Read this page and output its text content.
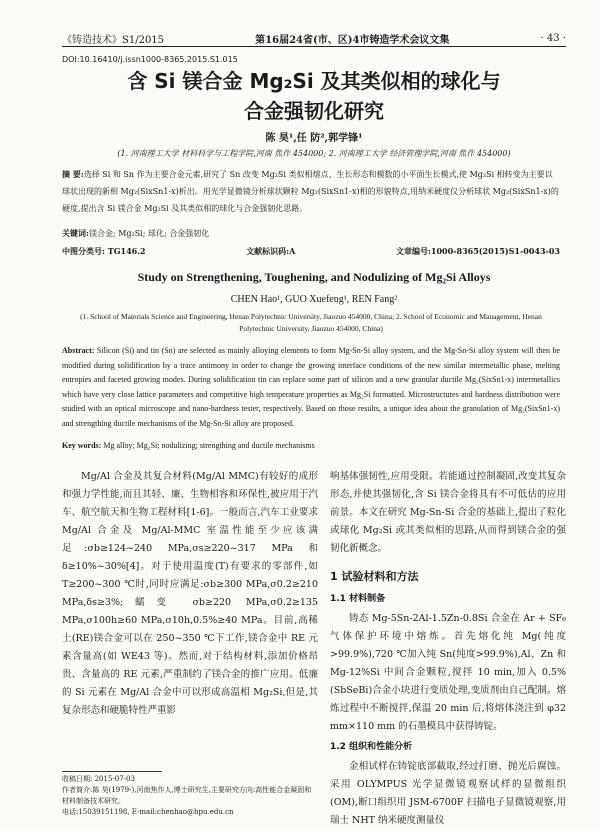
《铸造技术》S1/2015	第16届24省(市、区)4市铸造学术会议文集	· 43 ·
DOI:10.16410/j.issn1000-8365.2015.S1.015
含 Si 镁合金 Mg₂Si 及其类似相的球化与
合金强韧化研究
陈 昊¹,任 防²,郭学锋¹
(1. 河南理工大学 材料科学与工程学院,河南 焦作 454000; 2. 河南理工大学 经济管理学院,河南 焦作 454000)
摘 要:选择 Si 和 Sn 作为主要合金元素,研究了 Sn 改变 Mg₂Si 类似相熔点、生长形态和模数的小平面生长模式,使 Mg₂Si 相转变为主要以球状出现的新相 Mg₂(SixSn1-x)析出。用光学显微镜分析球状颗粒 Mg₂(SixSn1-x)相的形貌特点,用纳米硬度仪分析球状 Mg₂(SixSn1-x)的硬度,提出含 Si 镁合金 Mg₂Si 及其类似相的球化与合金强韧化思路。
关键词:镁合金; Mg₂Si; 球化; 合金强韧化
中图分类号: TG146.2	文献标识码:A	文章编号:1000-8365(2015)S1-0043-03
Study on Strengthening, Toughening, and Nodulizing of Mg₂Si Alloys
CHEN Hao¹, GUO Xuefeng¹, REN Fang²
(1. School of Materials Science and Engineering, Henan Polytechnic University, Jiaozuo 454000, China; 2. School of Economic and Management, Henan Polytechnic University, Jiaozuo 454000, China)
Abstract: Silicon (Si) and tin (Sn) are selected as mainly alloying elements to form Mg-Sn-Si alloy system, and the Mg-Sn-Si alloy system will then be modified during solidification by a trace antimony in order to change the growing interface conditions of the new similar intermetallic phase, melting entropies and faceted growing modes. During solidification tin can replace some part of silicon and a new granular ductile Mg₂(SixSn1-x) intermetallics which have very close lattice parameters and competitive high temperature properties as Mg₂Si formatted. Microstructures and hardness distribution were studied with an optical microscope and nano-hardness tester, respectively. Based on those results, a unique idea about the granulation of Mg₂(SixSn1-x) and strengthing ductile mechanisms of the Mg-Sn-Si alloy are proposed.
Key words: Mg alloy; Mg₂Si; nodulizing; strengthing and ductile mechanisms
Mg/Al 合金及其复合材料(Mg/Al MMC)有较好的成形和强力学性能,而且其轻、廉、生物相容和环保性,被应用于汽车、航空航天和生物工程材料[1-6]。一般而言,汽车工业要求 Mg/Al 合金及 Mg/Al-MMC 室温性能至少应该满足:σb≥124~240 MPa,σs≥220~317 MPa 和 δ≥10%~30%[4]。对于使用温度(T)有要求的零部件,如 T≥200~300 ℃时,同时应满足:σb≥300 MPa,σ0.2≥210 MPa,δs≥3%;蠕变 σb≥220 MPa,σ0.2≥135 MPa,σ100h≥60 MPa,σ10h,0.5%≥40 MPa。目前,高稀土(RE)镁合金可以在 250~350 ℃下工作,镁合金中 RE 元素含量高(如 WE43 等)。然而,对于结构材料,添加价格昂贵、含量高的 RE 元素,严重制约了镁合金的推广应用。低廉的 Si 元素在 Mg/Al 合金中可以形成高温相 Mg₂Si,但是,其复杂形态和硬脆特性严重影
响基体强韧性,应用受限。若能通过控制凝固,改变其复杂形态,并使其强韧化,含 Si 镁合金将具有不可低估的应用前景。本文在研究 Mg-Sn-Si 合金的基础上,提出了粒化或球化 Mg₂Si 或其类似相的思路,从而得到镁合金的强韧化新概念。
1 试验材料和方法
1.1 材料制备
铸态 Mg-5Sn-2Al-1.5Zn-0.8Si 合金在 Ar + SF₆ 气体保护环境中熔炼。首先熔化纯 Mg(纯度>99.9%),720 ℃加入纯 Sn(纯度>99.9%),Al、Zn 和 Mg-12%Si 中间合金颗粒,搅拌 10 min,加入 0.5%(SbSeBi)合金小块进行变质处理,变质剂由自己配制。熔炼过程中不断搅拌,保温 20 min 后,将熔体浇注到 φ32 mm×110 mm 的石墨模具中获得铸锭。
1.2 组织和性能分析
金相试样在铸锭底部截取,经过打磨、抛光后腐蚀。采用 OLYMPUS 光学显微镜观察试样的显微组织(OM),断口组织用 JSM-6700F 扫描电子显微镜观察,用瑞士 NHT 纳米硬度测量仪
收稿日期: 2015-07-03
作者简介:陈 昊(1979-),河南焦作人,博士研究生,主要研究方向:高性能合金凝固和材料制备技术研究。
电话:15039151198, E-mail:chenhao@hpu.edu.cn
